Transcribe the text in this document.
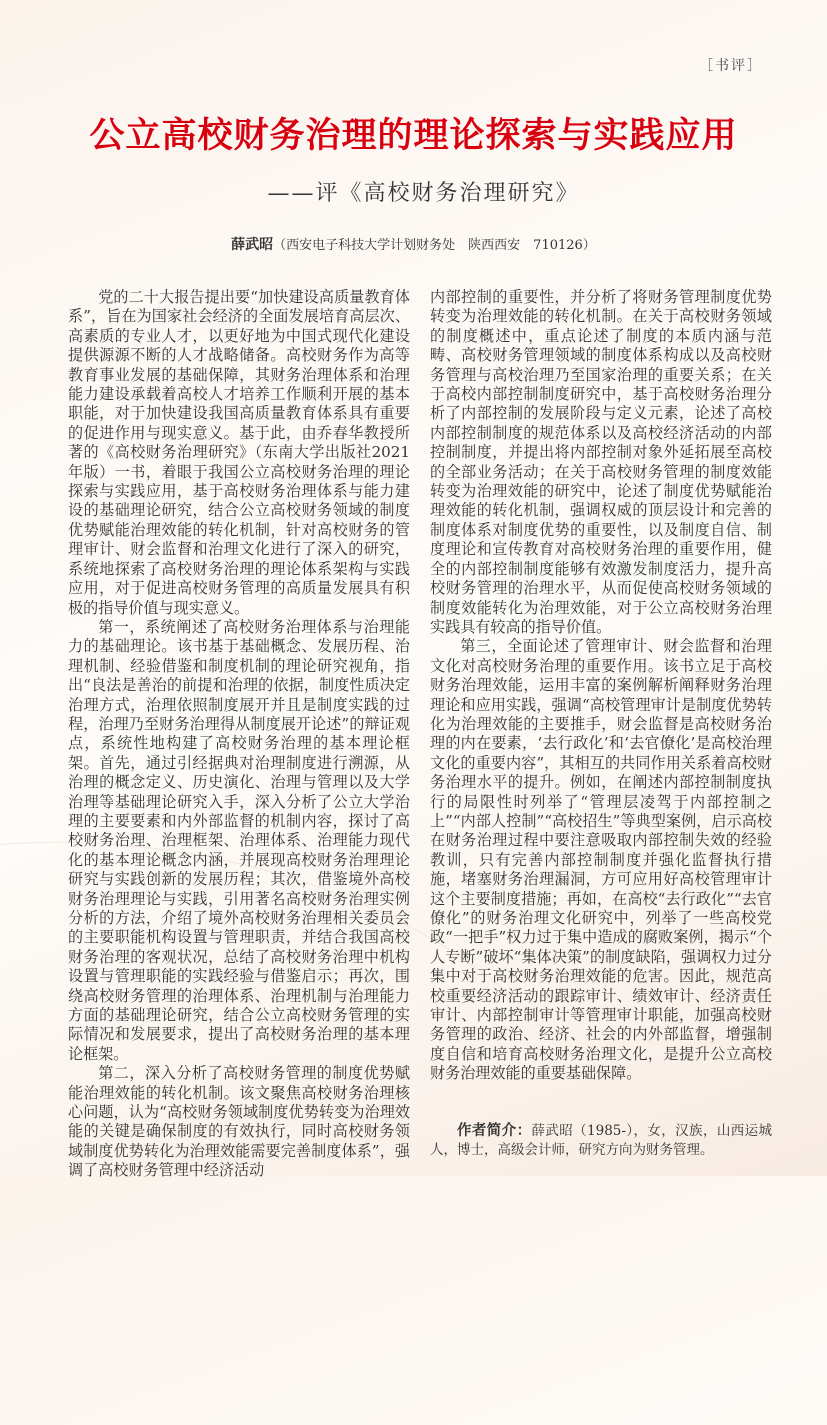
［书评］
公立高校财务治理的理论探索与实践应用
——评《高校财务治理研究》
薛武昭（西安电子科技大学计划财务处　陕西西安　710126）

党的二十大报告提出要“加快建设高质量教育体系”，旨在为国家社会经济的全面发展培育高层次、高素质的专业人才，以更好地为中国式现代化建设提供源源不断的人才战略储备。高校财务作为高等教育事业发展的基础保障，其财务治理体系和治理能力建设承载着高校人才培养工作顺利开展的基本职能，对于加快建设我国高质量教育体系具有重要的促进作用与现实意义。基于此，由乔春华教授所著的《高校财务治理研究》（东南大学出版社2021年版）一书，着眼于我国公立高校财务治理的理论探索与实践应用，基于高校财务治理体系与能力建设的基础理论研究，结合公立高校财务领域的制度优势赋能治理效能的转化机制，针对高校财务的管理审计、财会监督和治理文化进行了深入的研究，系统地探索了高校财务治理的理论体系架构与实践应用，对于促进高校财务管理的高质量发展具有积极的指导价值与现实意义。

第一，系统阐述了高校财务治理体系与治理能力的基础理论。该书基于基础概念、发展历程、治理机制、经验借鉴和制度机制的理论研究视角，指出“良法是善治的前提和治理的依据，制度性质决定治理方式，治理依照制度展开并且是制度实践的过程，治理乃至财务治理得从制度展开论述”的辩证观点，系统性地构建了高校财务治理的基本理论框架。首先，通过引经据典对治理制度进行溯源，从治理的概念定义、历史演化、治理与管理以及大学治理等基础理论研究入手，深入分析了公立大学治理的主要要素和内外部监督的机制内容，探讨了高校财务治理、治理框架、治理体系、治理能力现代化的基本理论概念内涵，并展现高校财务治理理论研究与实践创新的发展历程；其次，借鉴境外高校财务治理理论与实践，引用著名高校财务治理实例分析的方法，介绍了境外高校财务治理相关委员会的主要职能机构设置与管理职责，并结合我国高校财务治理的客观状况，总结了高校财务治理中机构设置与管理职能的实践经验与借鉴启示；再次，围绕高校财务管理的治理体系、治理机制与治理能力方面的基础理论研究，结合公立高校财务管理的实际情况和发展要求，提出了高校财务治理的基本理论框架。

第二，深入分析了高校财务管理的制度优势赋能治理效能的转化机制。该文聚焦高校财务治理核心问题，认为“高校财务领域制度优势转变为治理效能的关键是确保制度的有效执行，同时高校财务领域制度优势转化为治理效能需要完善制度体系”，强调了高校财务管理中经济活动

内部控制的重要性，并分析了将财务管理制度优势转变为治理效能的转化机制。在关于高校财务领域的制度概述中，重点论述了制度的本质内涵与范畴、高校财务管理领域的制度体系构成以及高校财务管理与高校治理乃至国家治理的重要关系；在关于高校内部控制制度研究中，基于高校财务治理分析了内部控制的发展阶段与定义元素，论述了高校内部控制制度的规范体系以及高校经济活动的内部控制制度，并提出将内部控制对象外延拓展至高校的全部业务活动；在关于高校财务管理的制度效能转变为治理效能的研究中，论述了制度优势赋能治理效能的转化机制，强调权威的顶层设计和完善的制度体系对制度优势的重要性，以及制度自信、制度理论和宣传教育对高校财务治理的重要作用，健全的内部控制制度能够有效激发制度活力，提升高校财务管理的治理水平，从而促使高校财务领域的制度效能转化为治理效能，对于公立高校财务治理实践具有较高的指导价值。

第三，全面论述了管理审计、财会监督和治理文化对高校财务治理的重要作用。该书立足于高校财务治理效能，运用丰富的案例解析阐释财务治理理论和应用实践，强调“高校管理审计是制度优势转化为治理效能的主要推手，财会监督是高校财务治理的内在要素，‘去行政化’和‘去官僚化’是高校治理文化的重要内容”，其相互的共同作用关系着高校财务治理水平的提升。例如，在阐述内部控制制度执行的局限性时列举了“管理层凌驾于内部控制之上”“内部人控制”“高校招生”等典型案例，启示高校在财务治理过程中要注意吸取内部控制失效的经验教训，只有完善内部控制制度并强化监督执行措施，堵塞财务治理漏洞，方可应用好高校管理审计这个主要制度措施；再如，在高校“去行政化”“去官僚化”的财务治理文化研究中，列举了一些高校党政“一把手”权力过于集中造成的腐败案例，揭示“个人专断”破坏“集体决策”的制度缺陷，强调权力过分集中对于高校财务治理效能的危害。因此，规范高校重要经济活动的跟踪审计、绩效审计、经济责任审计、内部控制审计等管理审计职能，加强高校财务管理的政治、经济、社会的内外部监督，增强制度自信和培育高校财务治理文化，是提升公立高校财务治理效能的重要基础保障。

作者简介：薛武昭（1985-），女，汉族，山西运城人，博士，高级会计师，研究方向为财务管理。
